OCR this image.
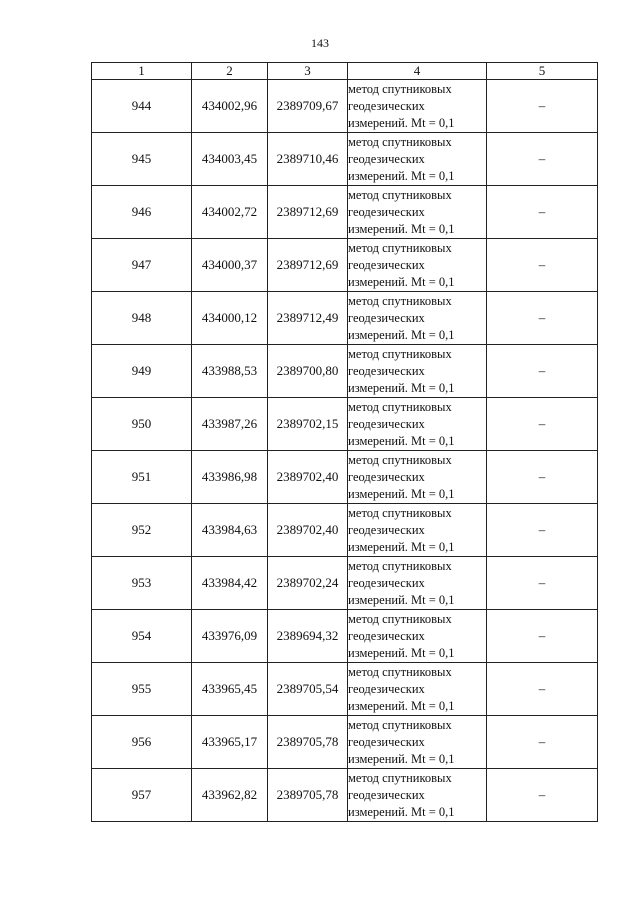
143
1	2	3	4	5
944	434002,96	2389709,67	метод спутниковых
геодезических
измерений. Mt = 0,1	–
945	434003,45	2389710,46	метод спутниковых
геодезических
измерений. Mt = 0,1	–
946	434002,72	2389712,69	метод спутниковых
геодезических
измерений. Mt = 0,1	–
947	434000,37	2389712,69	метод спутниковых
геодезических
измерений. Mt = 0,1	–
948	434000,12	2389712,49	метод спутниковых
геодезических
измерений. Mt = 0,1	–
949	433988,53	2389700,80	метод спутниковых
геодезических
измерений. Mt = 0,1	–
950	433987,26	2389702,15	метод спутниковых
геодезических
измерений. Mt = 0,1	–
951	433986,98	2389702,40	метод спутниковых
геодезических
измерений. Mt = 0,1	–
952	433984,63	2389702,40	метод спутниковых
геодезических
измерений. Mt = 0,1	–
953	433984,42	2389702,24	метод спутниковых
геодезических
измерений. Mt = 0,1	–
954	433976,09	2389694,32	метод спутниковых
геодезических
измерений. Mt = 0,1	–
955	433965,45	2389705,54	метод спутниковых
геодезических
измерений. Mt = 0,1	–
956	433965,17	2389705,78	метод спутниковых
геодезических
измерений. Mt = 0,1	–
957	433962,82	2389705,78	метод спутниковых
геодезических
измерений. Mt = 0,1	–
